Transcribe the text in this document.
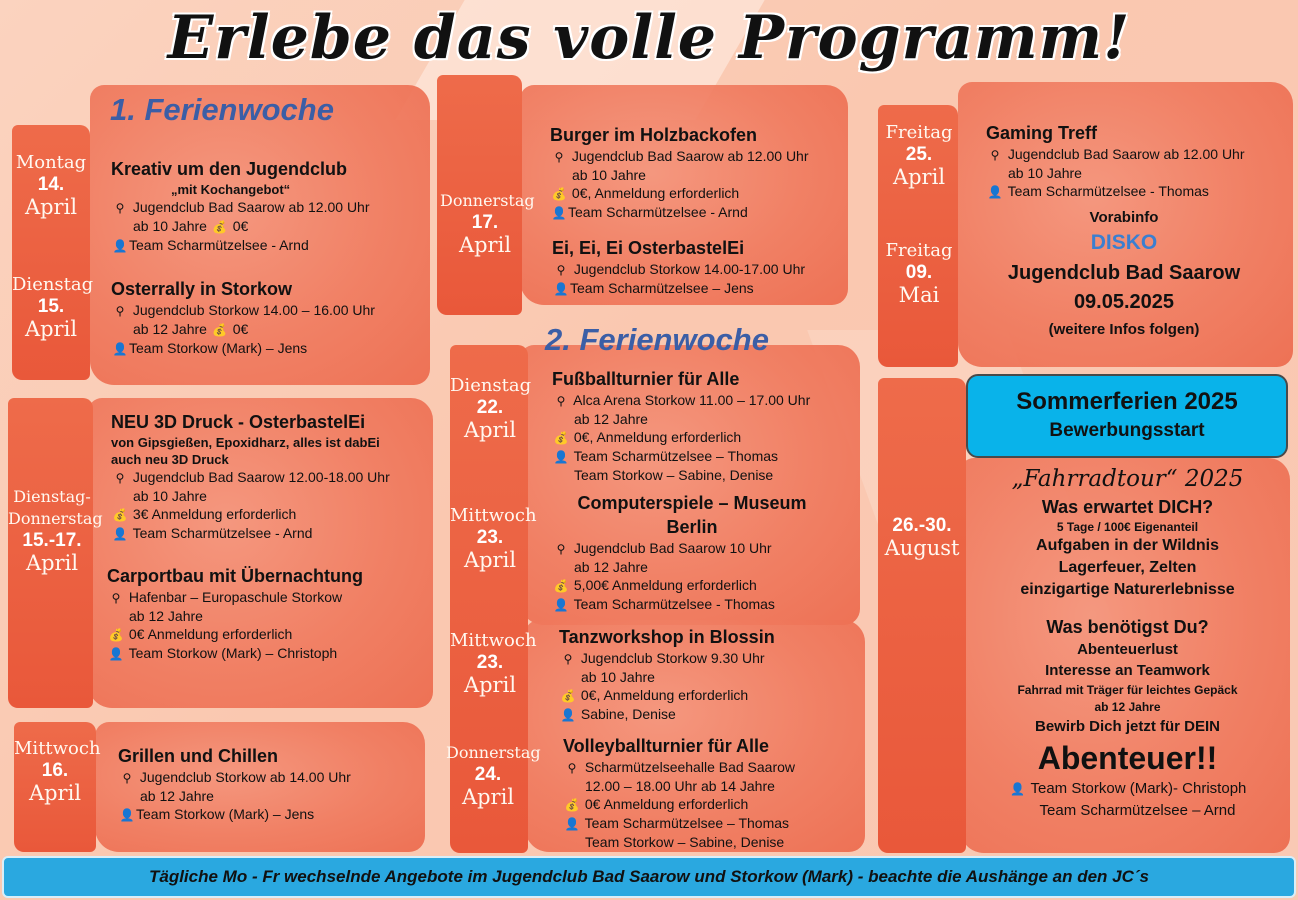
Erlebe das volle Programm!
1. Ferienwoche
2. Ferienwoche
Montag
14.
April
Dienstag
15.
April
Dienstag-
Donnerstag
15.-17.
April
Mittwoch
16.
April
Kreativ um den Jugendclub
„mit Kochangebot“
⚲ Jugendclub Bad Saarow ab 12.00 Uhr
ab 10 Jahre 💰 0€
👤 Team Scharmützelsee - Arnd
Osterrally in Storkow
⚲ Jugendclub Storkow 14.00 – 16.00 Uhr
ab 12 Jahre 💰 0€
👤 Team Storkow (Mark) – Jens
NEU 3D Druck - OsterbastelEi
von Gipsgießen, Epoxidharz, alles ist dabEi
auch neu 3D Druck
⚲ Jugendclub Bad Saarow 12.00-18.00 Uhr
ab 10 Jahre
💰 3€ Anmeldung erforderlich
👤 Team Scharmützelsee - Arnd
Carportbau mit Übernachtung
⚲ Hafenbar – Europaschule Storkow
ab 12 Jahre
💰 0€ Anmeldung erforderlich
👤 Team Storkow (Mark) – Christoph
Grillen und Chillen
⚲ Jugendclub Storkow ab 14.00 Uhr
ab 12 Jahre
👤 Team Storkow (Mark) – Jens
Donnerstag
17.
April
Dienstag
22.
April
Mittwoch
23.
April
Mittwoch
23.
April
Donnerstag
24.
April
Burger im Holzbackofen
⚲ Jugendclub Bad Saarow ab 12.00 Uhr
ab 10 Jahre
💰 0€, Anmeldung erforderlich
👤 Team Scharmützelsee - Arnd
Ei, Ei, Ei OsterbastelEi
⚲ Jugendclub Storkow 14.00-17.00 Uhr
👤 Team Scharmützelsee – Jens
Fußballturnier für Alle
⚲ Alca Arena Storkow 11.00 – 17.00 Uhr
ab 12 Jahre
💰 0€, Anmeldung erforderlich
👤 Team Scharmützelsee – Thomas
Team Storkow – Sabine, Denise
Computerspiele – Museum
Berlin
⚲ Jugendclub Bad Saarow 10 Uhr
ab 12 Jahre
💰 5,00€ Anmeldung erforderlich
👤 Team Scharmützelsee - Thomas
Tanzworkshop in Blossin
⚲ Jugendclub Storkow 9.30 Uhr
ab 10 Jahre
💰 0€, Anmeldung erforderlich
👤 Sabine, Denise
Volleyballturnier für Alle
⚲ Scharmützelseehalle Bad Saarow
12.00 – 18.00 Uhr ab 14 Jahre
💰 0€ Anmeldung erforderlich
👤 Team Scharmützelsee – Thomas
Team Storkow – Sabine, Denise
Freitag
25.
April
Freitag
09.
Mai
26.-30.
August
Gaming Treff
⚲ Jugendclub Bad Saarow ab 12.00 Uhr
ab 10 Jahre
👤 Team Scharmützelsee - Thomas
Vorabinfo
DISKO
Jugendclub Bad Saarow
09.05.2025
(weitere Infos folgen)
Sommerferien 2025
Bewerbungsstart
„Fahrradtour“ 2025
Was erwartet DICH?
5 Tage / 100€ Eigenanteil
Aufgaben in der Wildnis
Lagerfeuer, Zelten
einzigartige Naturerlebnisse
Was benötigst Du?
Abenteuerlust
Interesse an Teamwork
Fahrrad mit Träger für leichtes Gepäck
ab 12 Jahre
Bewirb Dich jetzt für DEIN
Abenteuer!!
👤 Team Storkow (Mark)- Christoph
Team Scharmützelsee – Arnd
Tägliche Mo - Fr wechselnde Angebote im Jugendclub Bad Saarow und Storkow (Mark) - beachte die Aushänge an den JC´s
